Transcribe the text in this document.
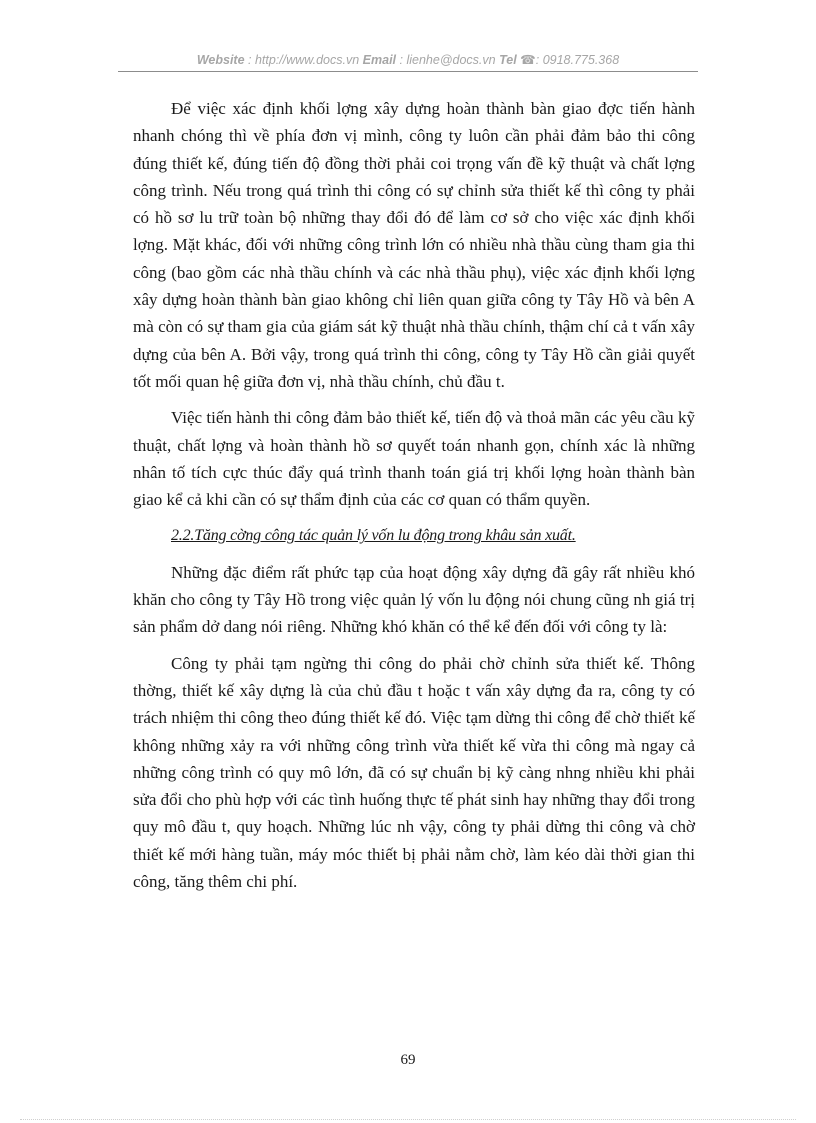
Website : http://www.docs.vn Email : lienhe@docs.vn Tel ☎: 0918.775.368

Để việc xác định khối lợng xây dựng hoàn thành bàn giao đợc tiến hành nhanh chóng thì về phía đơn vị mình, công ty luôn cần phải đảm bảo thi công đúng thiết kế, đúng tiến độ đồng thời phải coi trọng vấn đề kỹ thuật và chất lợng công trình. Nếu trong quá trình thi công có sự chỉnh sửa thiết kế thì công ty phải có hồ sơ lu trữ toàn bộ những thay đổi đó để làm cơ sở cho việc xác định khối lợng. Mặt khác, đối với những công trình lớn có nhiều nhà thầu cùng tham gia thi công (bao gồm các nhà thầu chính và các nhà thầu phụ), việc xác định khối lợng xây dựng hoàn thành bàn giao không chỉ liên quan giữa công ty Tây Hồ và bên A mà còn có sự tham gia của giám sát kỹ thuật nhà thầu chính, thậm chí cả t vấn xây dựng của bên A. Bởi vậy, trong quá trình thi công, công ty Tây Hồ cần giải quyết tốt mối quan hệ giữa đơn vị, nhà thầu chính, chủ đầu t.

Việc tiến hành thi công đảm bảo thiết kế, tiến độ và thoả mãn các yêu cầu kỹ thuật, chất lợng và hoàn thành hồ sơ quyết toán nhanh gọn, chính xác là những nhân tố tích cực thúc đẩy quá trình thanh toán giá trị khối lợng hoàn thành bàn giao kể cả khi cần có sự thẩm định của các cơ quan có thẩm quyền.

2.2.Tăng cờng công tác quản lý vốn lu động trong khâu sản xuất.

Những đặc điểm rất phức tạp của hoạt động xây dựng đã gây rất nhiều khó khăn cho công ty Tây Hồ trong việc quản lý vốn lu động nói chung cũng nh giá trị sản phẩm dở dang nói riêng. Những khó khăn có thể kể đến đối với công ty là:

Công ty phải tạm ngừng thi công do phải chờ chỉnh sửa thiết kế. Thông thờng, thiết kế xây dựng là của chủ đầu t hoặc t vấn xây dựng đa ra, công ty có trách nhiệm thi công theo đúng thiết kế đó. Việc tạm dừng thi công để chờ thiết kế không những xảy ra với những công trình vừa thiết kế vừa thi công mà ngay cả những công trình có quy mô lớn, đã có sự chuẩn bị kỹ càng nhng nhiều khi phải sửa đổi cho phù hợp với các tình huống thực tế phát sinh hay những thay đổi trong quy mô đầu t, quy hoạch. Những lúc nh vậy, công ty phải dừng thi công và chờ thiết kế mới hàng tuần, máy móc thiết bị phải nằm chờ, làm kéo dài thời gian thi công, tăng thêm chi phí.

69
